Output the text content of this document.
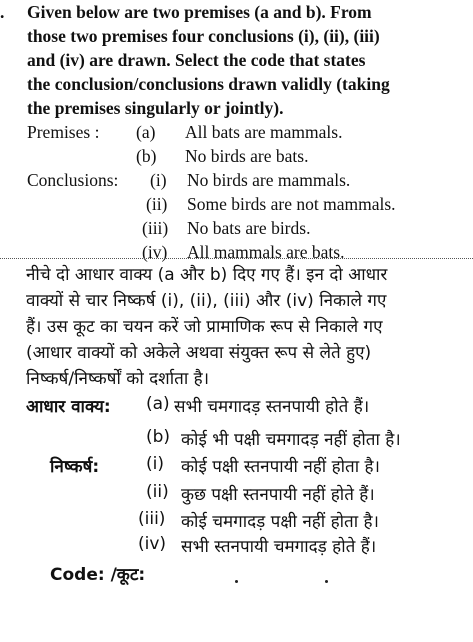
. Given below are two premises (a and b). From
those two premises four conclusions (i), (ii), (iii)
and (iv) are drawn. Select the code that states
the conclusion/conclusions drawn validly (taking
the premises singularly or jointly).
Premises : (a) All bats are mammals.
(b) No birds are bats.
Conclusions: (i) No birds are mammals.
(ii) Some birds are not mammals.
(iii) No bats are birds.
(iv) All mammals are bats.
नीचे दो आधार वाक्य (a और b) दिए गए हैं। इन दो आधार
वाक्यों से चार निष्कर्ष (i), (ii), (iii) और (iv) निकाले गए
हैं। उस कूट का चयन करें जो प्रामाणिक रूप से निकाले गए
(आधार वाक्यों को अकेले अथवा संयुक्त रूप से लेते हुए)
निष्कर्ष/निष्कर्षों को दर्शाता है।
आधार वाक्य: (a) सभी चमगादड़ स्तनपायी होते हैं।
(b) कोई भी पक्षी चमगादड़ नहीं होता है।
निष्कर्ष:	(i) कोई पक्षी स्तनपायी नहीं होता है।
(ii) कुछ पक्षी स्तनपायी नहीं होते हैं।
(iii) कोई चमगादड़ पक्षी नहीं होता है।
(iv) सभी स्तनपायी चमगादड़ होते हैं।
Code: /कूट:
